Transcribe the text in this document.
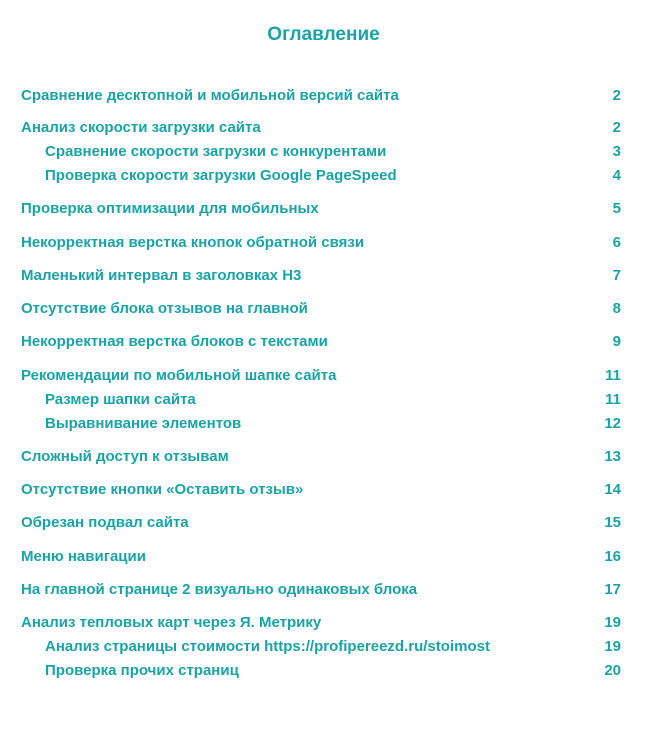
Оглавление
Сравнение десктопной и мобильной версий сайта	2
Анализ скорости загрузки сайта	2
Сравнение скорости загрузки с конкурентами	3
Проверка скорости загрузки Google PageSpeed	4
Проверка оптимизации для мобильных	5
Некорректная верстка кнопок обратной связи	6
Маленький интервал в заголовках H3	7
Отсутствие блока отзывов на главной	8
Некорректная верстка блоков с текстами	9
Рекомендации по мобильной шапке сайта	11
Размер шапки сайта	11
Выравнивание элементов	12
Сложный доступ к отзывам	13
Отсутствие кнопки «Оставить отзыв»	14
Обрезан подвал сайта	15
Меню навигации	16
На главной странице 2 визуально одинаковых блока	17
Анализ тепловых карт через Я. Метрику	19
Анализ страницы стоимости https://profipereezd.ru/stoimost	19
Проверка прочих страниц	20
